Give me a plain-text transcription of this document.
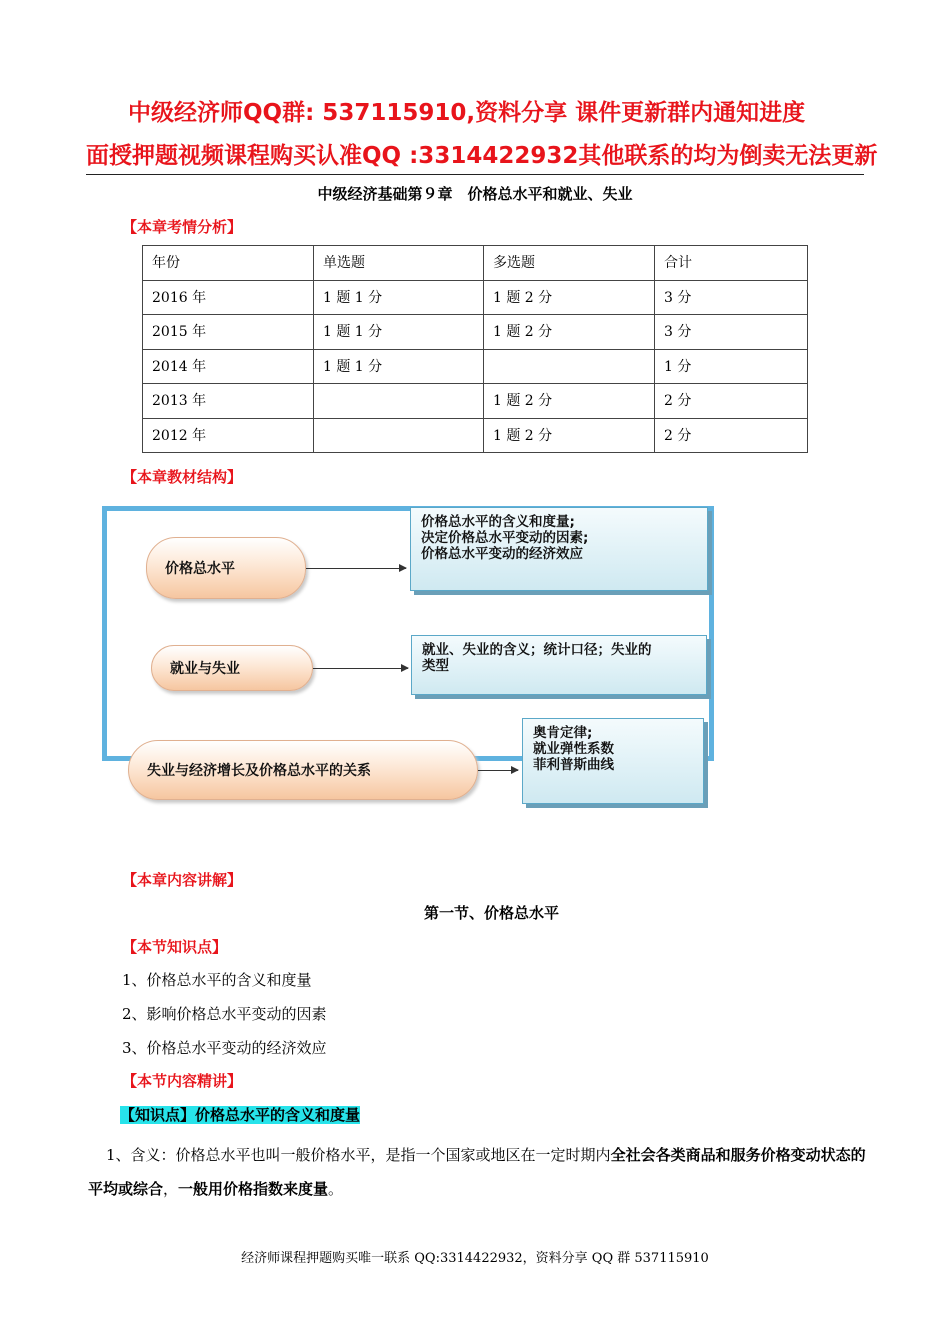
中级经济师QQ群: 537115910,资料分享 课件更新群内通知进度
面授押题视频课程购买认准QQ :3314422932其他联系的均为倒卖无法更新
中级经济基础第９章　价格总水平和就业、失业
【本章考情分析】
年份	单选题	多选题	合计
2016 年	1 题 1 分	1 题 2 分	3 分
2015 年	1 题 1 分	1 题 2 分	3 分
2014 年	1 题 1 分		1 分
2013 年		1 题 2 分	2 分
2012 年		1 题 2 分	2 分
【本章教材结构】
价格总水平
价格总水平的含义和度量;
决定价格总水平变动的因素;
价格总水平变动的经济效应
就业与失业
就业、失业的含义；统计口径；失业的
类型
失业与经济增长及价格总水平的关系
奥肯定律;
就业弹性系数
菲利普斯曲线
【本章内容讲解】
第一节、价格总水平
【本节知识点】
1、价格总水平的含义和度量
2、影响价格总水平变动的因素
3、价格总水平变动的经济效应
【本节内容精讲】
【知识点】价格总水平的含义和度量
1、含义：价格总水平也叫一般价格水平，是指一个国家或地区在一定时期内全社会各类商品和服务价格变动状态的平均或综合，一般用价格指数来度量。
经济师课程押题购买唯一联系 QQ:3314422932，资料分享 QQ 群 537115910
